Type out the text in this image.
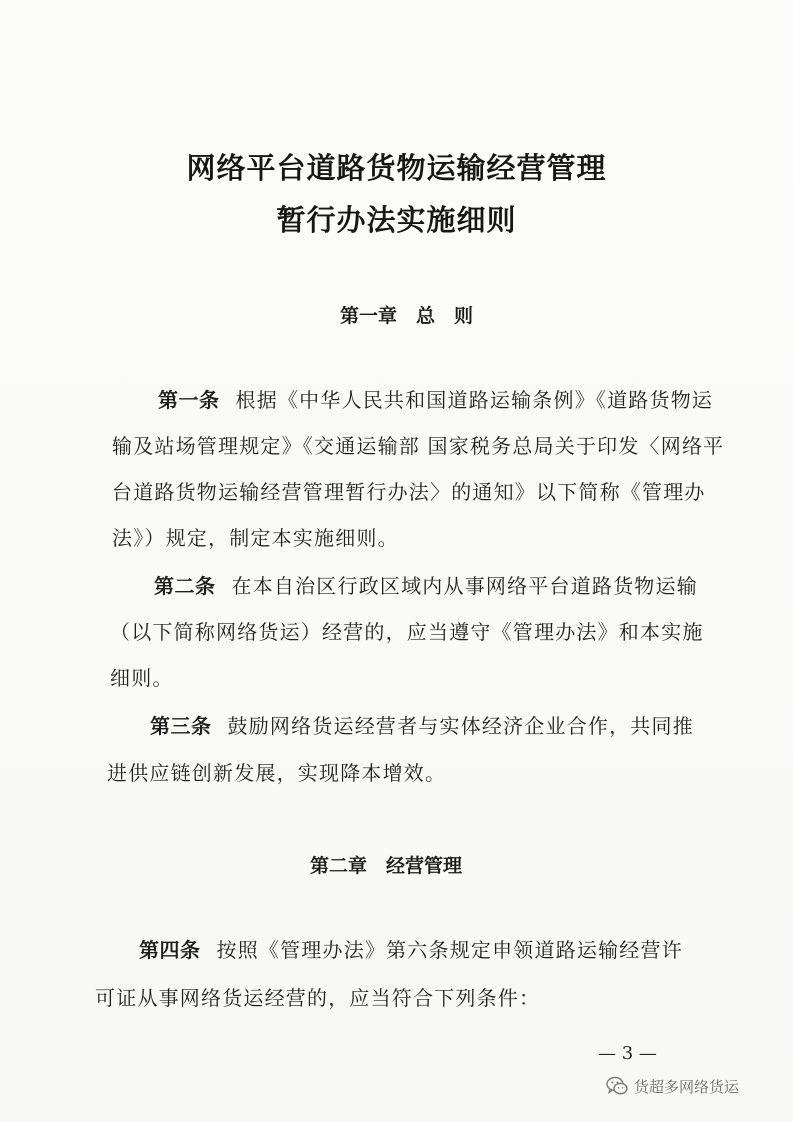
网络平台道路货物运输经营管理
暂行办法实施细则
第一章　总　则
第一条 根据《中华人民共和国道路运输条例》《道路货物运
输及站场管理规定》《交通运输部 国家税务总局关于印发〈网络平
台道路货物运输经营管理暂行办法〉的通知》以下简称《管理办
法》）规定，制定本实施细则。
第二条 在本自治区行政区域内从事网络平台道路货物运输
（以下简称网络货运）经营的，应当遵守《管理办法》和本实施
细则。
第三条 鼓励网络货运经营者与实体经济企业合作，共同推
进供应链创新发展，实现降本增效。
第二章　经营管理
第四条 按照《管理办法》第六条规定申领道路运输经营许
可证从事网络货运经营的，应当符合下列条件：
— 3 —
货超多网络货运
